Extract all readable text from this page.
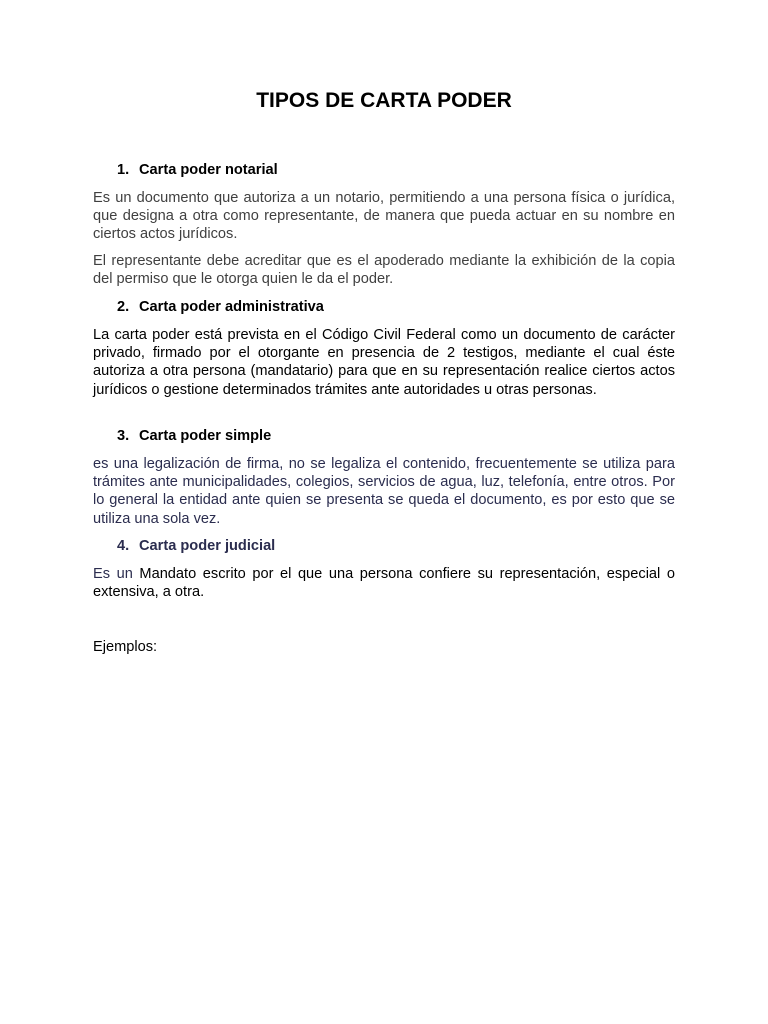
TIPOS DE CARTA PODER
1. Carta poder notarial

Es un documento que autoriza a un notario, permitiendo a una persona física o jurídica, que designa a otra como representante, de manera que pueda actuar en su nombre en ciertos actos jurídicos.

El representante debe acreditar que es el apoderado mediante la exhibición de la copia del permiso que le otorga quien le da el poder.

2. Carta poder administrativa

La carta poder está prevista en el Código Civil Federal como un documento de carácter privado, firmado por el otorgante en presencia de 2 testigos, mediante el cual éste autoriza a otra persona (mandatario) para que en su representación realice ciertos actos jurídicos o gestione determinados trámites ante autoridades u otras personas.

3. Carta poder simple

es una legalización de firma, no se legaliza el contenido, frecuentemente se utiliza para trámites ante municipalidades, colegios, servicios de agua, luz, telefonía, entre otros. Por lo general la entidad ante quien se presenta se queda el documento, es por esto que se utiliza una sola vez.

4. Carta poder judicial

Es un Mandato escrito por el que una persona confiere su representación, especial o extensiva, a otra.

Ejemplos:
